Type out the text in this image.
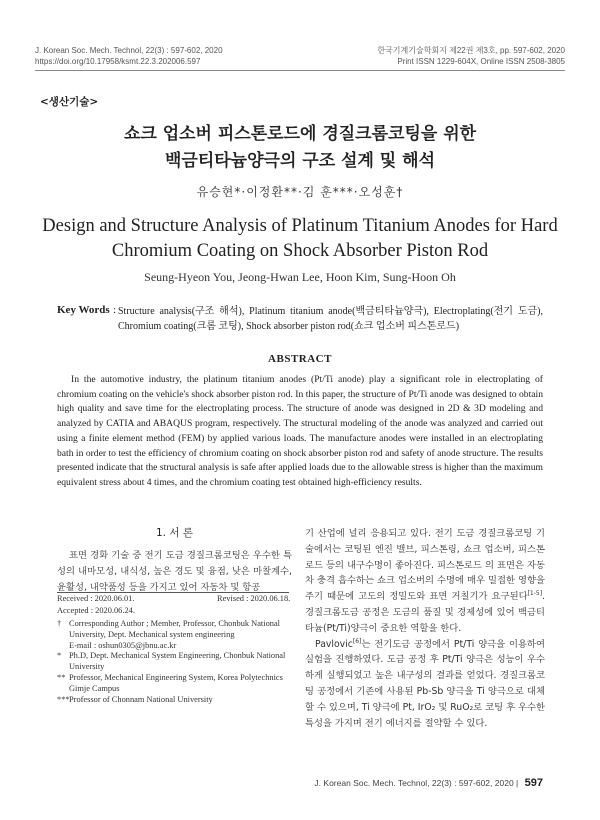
J. Korean Soc. Mech. Technol, 22(3) : 597-602, 2020
https://doi.org/10.17958/ksmt.22.3.202006.597
한국기계기술학회지 제22권 제3호, pp. 597-602, 2020
Print ISSN 1229-604X, Online ISSN 2508-3805
<생산기술>
쇼크 업소버 피스톤로드에 경질크롬코팅을 위한
백금티타늄양극의 구조 설계 및 해석
유승현*·이정환**·김 훈***·오성훈†
Design and Structure Analysis of Platinum Titanium Anodes for Hard
Chromium Coating on Shock Absorber Piston Rod
Seung-Hyeon You, Jeong-Hwan Lee, Hoon Kim, Sung-Hoon Oh
Key Words : Structure analysis(구조 해석), Platinum titanium anode(백금티타늄양극), Electroplating(전기 도금), Chromium coating(크롬 코팅), Shock absorber piston rod(쇼크 업소버 피스톤로드)
ABSTRACT
In the automotive industry, the platinum titanium anodes (Pt/Ti anode) play a significant role in electroplating of chromium coating on the vehicle's shock absorber piston rod. In this paper, the structure of Pt/Ti anode was designed to obtain high quality and save time for the electroplating process. The structure of anode was designed in 2D & 3D modeling and analyzed by CATIA and ABAQUS program, respectively. The structural modeling of the anode was analyzed and carried out using a finite element method (FEM) by applied various loads. The manufacture anodes were installed in an electroplating bath in order to test the efficiency of chromium coating on shock absorber piston rod and safety of anode structure. The results presented indicate that the structural analysis is safe after applied loads due to the allowable stress is higher than the maximum equivalent stress about 4 times, and the chromium coating test obtained high-efficiency results.
1. 서 론
표면 경화 기술 중 전기 도금 경질크롬코팅은 우수한 특성의 내마모성, 내식성, 높은 경도 및 융점, 낮은 마찰계수, 윤활성, 내약품성 등을 가지고 있어 자동차 및 항공
Received : 2020.06.01.	Revised : 2020.06.18.
Accepted : 2020.06.24.
† Corresponding Author ; Member, Professor, Chonbuk National University, Dept. Mechanical system engineering
E-mail : oshun0305@jbnu.ac.kr
* Ph.D, Dept. Mechanical System Engineering, Chonbuk National University
** Professor, Mechanical Engineering System, Korea Polytechnics Gimje Campus
*** Professor of Chonnam National University

기 산업에 널리 응용되고 있다. 전기 도금 경질크롬코팅 기술에서는 코팅된 엔진 밸브, 피스톤링, 쇼크 업소버, 피스톤로드 등의 내구수명이 좋아진다. 피스톤로드 의 표면은 자동차 충격 흡수하는 쇼크 업소버의 수명에 매우 밀접한 영향을 주기 때문에 고도의 정밀도와 표면 거칠기가 요구된다[1-5]. 경질크롬도금 공정은 도금의 품질 및 경제성에 있어 백금티타늄(Pt/Ti)양극이 중요한 역할을 한다.

Pavlovic[6]는 전기도금 공정에서 Pt/Ti 양극을 이용하여 실험을 진행하였다. 도금 공정 후 Pt/Ti 양극은 성능이 우수하게 실행되었고 높은 내구성의 결과를 얻었다. 경질크롬코팅 공정에서 기존에 사용된 Pb-Sb 양극을 Ti 양극으로 대체할 수 있으며, Ti 양극에 Pt, IrO₂ 및 RuO₂로 코팅 후 우수한 특성을 가지며 전기 에너지를 절약할 수 있다.

J. Korean Soc. Mech. Technol, 22(3) : 597-602, 2020 | 597
